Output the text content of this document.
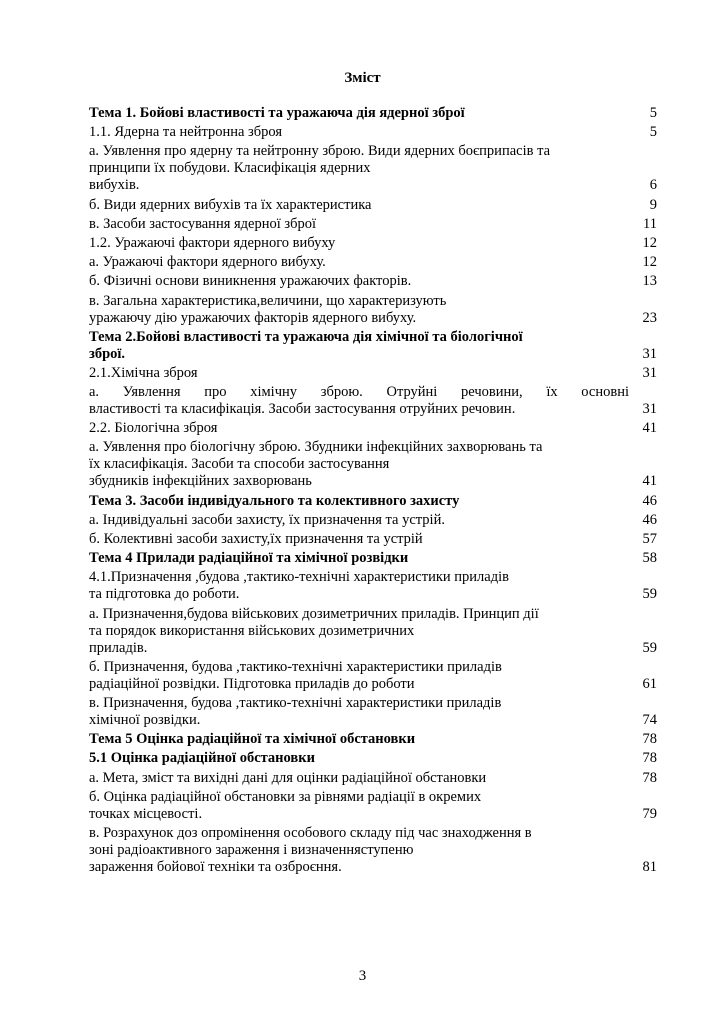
Зміст
Тема 1. Бойові властивості та уражаюча дія ядерної зброї	5
1.1. Ядерна та нейтронна зброя	5
а. Уявлення про ядерну та нейтронну зброю. Види ядерних боєприпасів та
принципи їх побудови. Класифікація ядерних
вибухів.	6
б. Види ядерних вибухів та їх характеристика	9
в. Засоби застосування ядерної зброї	11
1.2. Уражаючі фактори ядерного вибуху	12
а. Уражаючі фактори ядерного вибуху.	12
б. Фізичні основи виникнення уражаючих факторів.	13
в. Загальна характеристика,величини, що характеризують
уражаючу дію уражаючих факторів ядерного вибуху.	23
Тема 2.Бойові властивості та уражаюча дія хімічної та біологічної
зброї.	31
2.1.Хімічна зброя	31
а. Уявлення про хімічну зброю. Отруйні речовини, їх основні
властивості та класифікація. Засоби застосування отруйних речовин.	31
2.2. Біологічна зброя	41
а. Уявлення про біологічну зброю. Збудники інфекційних захворювань та
їх класифікація. Засоби та способи застосування
збудників інфекційних захворювань	41
Тема 3. Засоби індивідуального та колективного захисту	46
а. Індивідуальні засоби захисту, їх призначення та устрій.	46
б. Колективні засоби захисту,їх призначення та устрій	57
Тема 4 Прилади радіаційної та хімічної розвідки	58
4.1.Призначення ,будова ,тактико-технічні характеристики приладів
та підготовка до роботи.	59
а. Призначення,будова військових дозиметричних приладів. Принцип дії
та порядок використання військових дозиметричних
приладів.	59
б. Призначення, будова ,тактико-технічні характеристики приладів
радіаційної розвідки. Підготовка приладів до роботи	61
в. Призначення, будова ,тактико-технічні характеристики приладів
хімічної розвідки.	74
Тема 5 Оцінка радіаційної та хімічної обстановки	78
5.1 Оцінка радіаційної обстановки	78
а. Мета, зміст та вихідні дані для оцінки радіаційної обстановки	78
б. Оцінка радіаційної обстановки за рівнями радіації в окремих
точках місцевості.	79
в. Розрахунок доз опромінення особового складу під час знаходження в
зоні радіоактивного зараження і визначенняступеню
зараження бойової техніки та озброєння.	81
3
